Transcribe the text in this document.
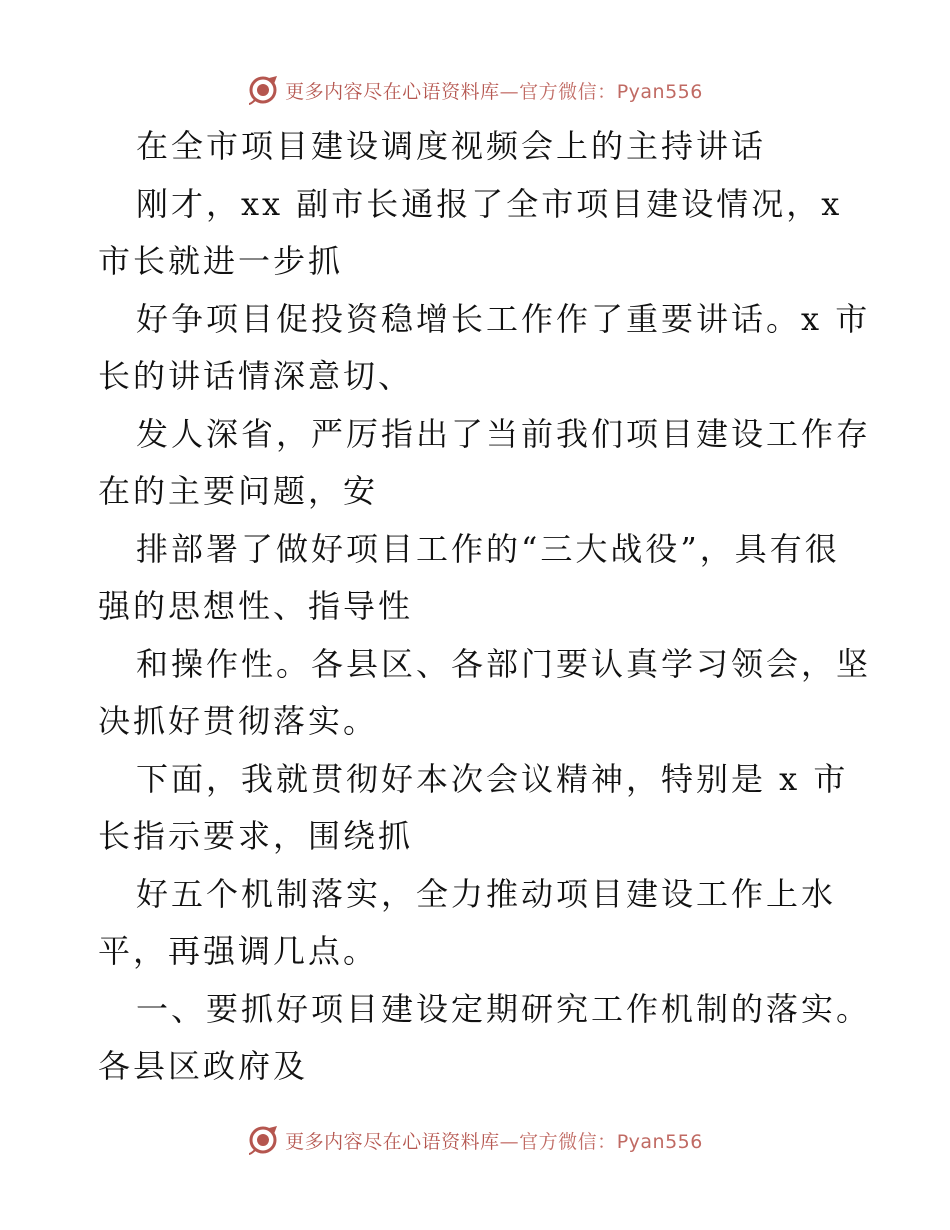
更多内容尽在心语资料库—官方微信：Pyan556
在全市项目建设调度视频会上的主持讲话
刚才，xx 副市长通报了全市项目建设情况，x
市长就进一步抓
好争项目促投资稳增长工作作了重要讲话。x 市
长的讲话情深意切、
发人深省，严厉指出了当前我们项目建设工作存
在的主要问题，安
排部署了做好项目工作的“三大战役”，具有很
强的思想性、指导性
和操作性。各县区、各部门要认真学习领会，坚
决抓好贯彻落实。
下面，我就贯彻好本次会议精神，特别是 x 市
长指示要求，围绕抓
好五个机制落实，全力推动项目建设工作上水
平，再强调几点。
一、要抓好项目建设定期研究工作机制的落实。
各县区政府及
更多内容尽在心语资料库—官方微信：Pyan556
